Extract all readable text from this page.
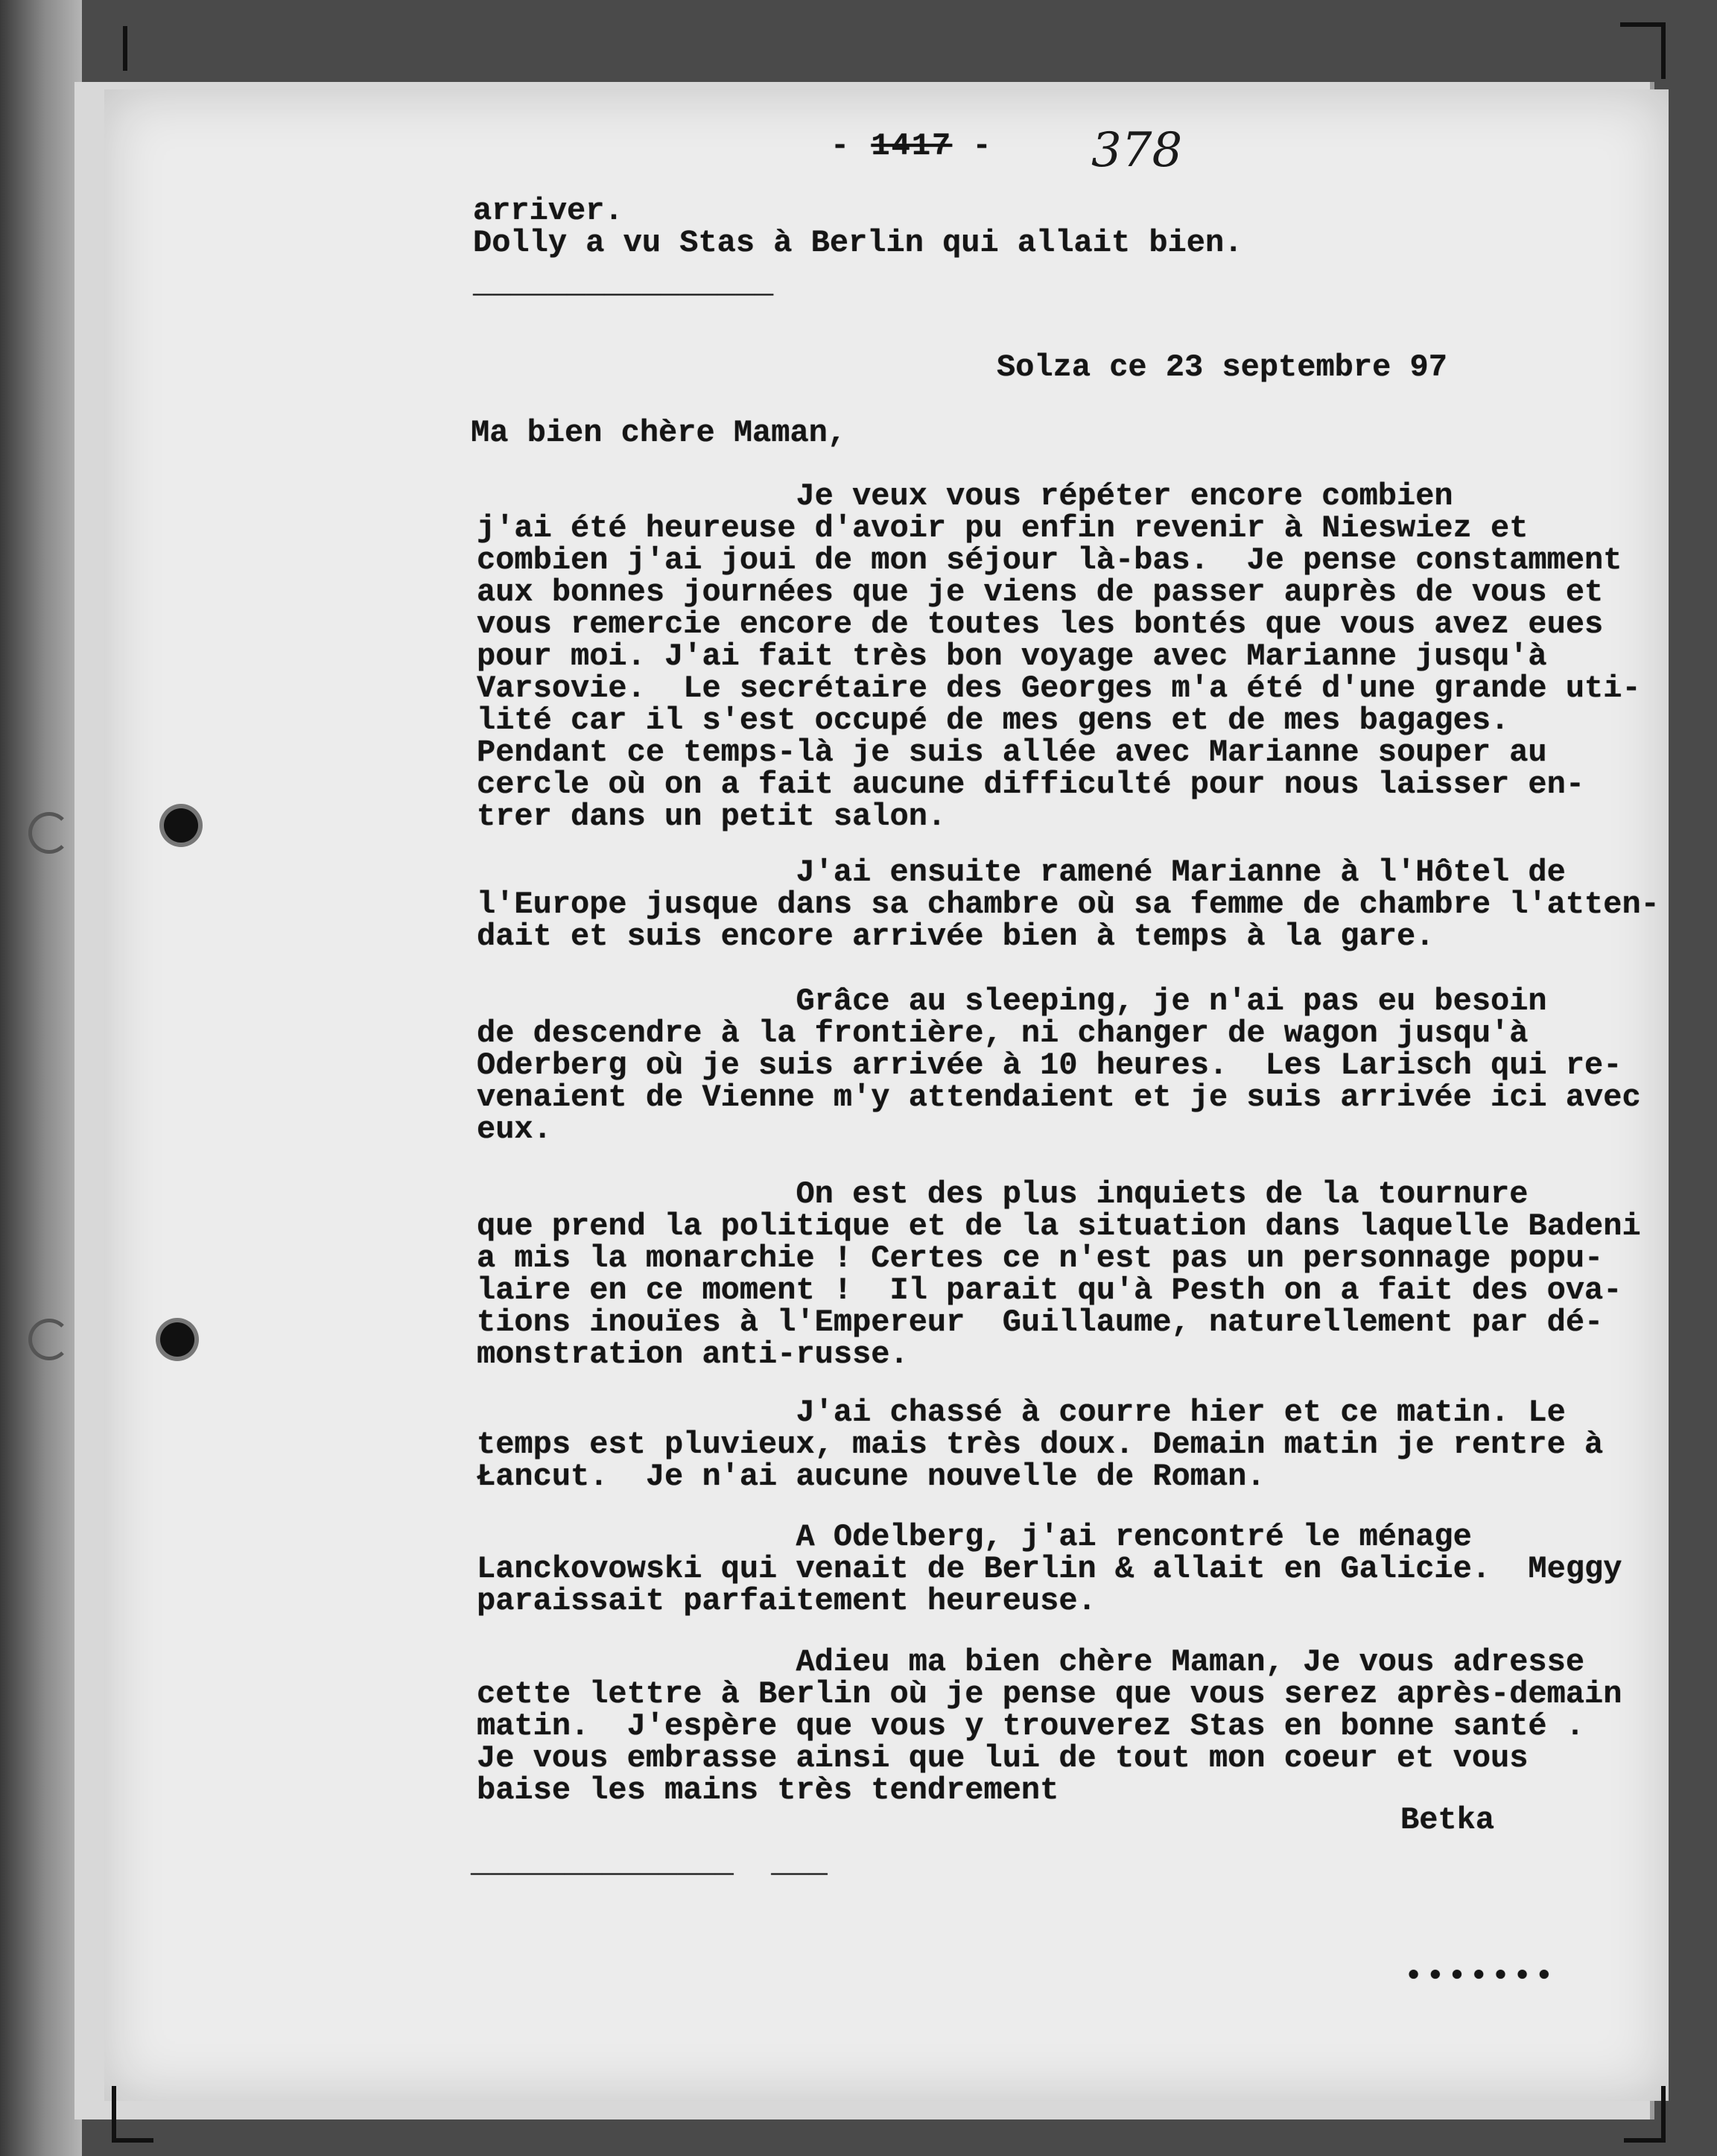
- 1417 - 378
arriver.
Dolly a vu Stas à Berlin qui allait bien.
________________
Solza ce 23 septembre 97
Ma bien chère Maman,
Je veux vous répéter encore combien
j'ai été heureuse d'avoir pu enfin revenir à Nieswiez et
combien j'ai joui de mon séjour là-bas.  Je pense constamment
aux bonnes journées que je viens de passer auprès de vous et
vous remercie encore de toutes les bontés que vous avez eues
pour moi. J'ai fait très bon voyage avec Marianne jusqu'à
Varsovie.  Le secrétaire des Georges m'a été d'une grande uti-
lité car il s'est occupé de mes gens et de mes bagages.
Pendant ce temps-là je suis allée avec Marianne souper au
cercle où on a fait aucune difficulté pour nous laisser en-
trer dans un petit salon.
J'ai ensuite ramené Marianne à l'Hôtel de
l'Europe jusque dans sa chambre où sa femme de chambre l'atten-
dait et suis encore arrivée bien à temps à la gare.
Grâce au sleeping, je n'ai pas eu besoin
de descendre à la frontière, ni changer de wagon jusqu'à
Oderberg où je suis arrivée à 10 heures.  Les Larisch qui re-
venaient de Vienne m'y attendaient et je suis arrivée ici avec
eux.
On est des plus inquiets de la tournure
que prend la politique et de la situation dans laquelle Badeni
a mis la monarchie ! Certes ce n'est pas un personnage popu-
laire en ce moment !  Il parait qu'à Pesth on a fait des ova-
tions inouïes à l'Empereur  Guillaume, naturellement par dé-
monstration anti-russe.
J'ai chassé à courre hier et ce matin. Le
temps est pluvieux, mais très doux. Demain matin je rentre à
Łancut.  Je n'ai aucune nouvelle de Roman.
A Odelberg, j'ai rencontré le ménage
Lanckovowski qui venait de Berlin & allait en Galicie.  Meggy
paraissait parfaitement heureuse.
Adieu ma bien chère Maman, Je vous adresse
cette lettre à Berlin où je pense que vous serez après-demain
matin.  J'espère que vous y trouverez Stas en bonne santé .
Je vous embrasse ainsi que lui de tout mon coeur et vous
baise les mains très tendrement
Betka
______________  ___
•••••••
